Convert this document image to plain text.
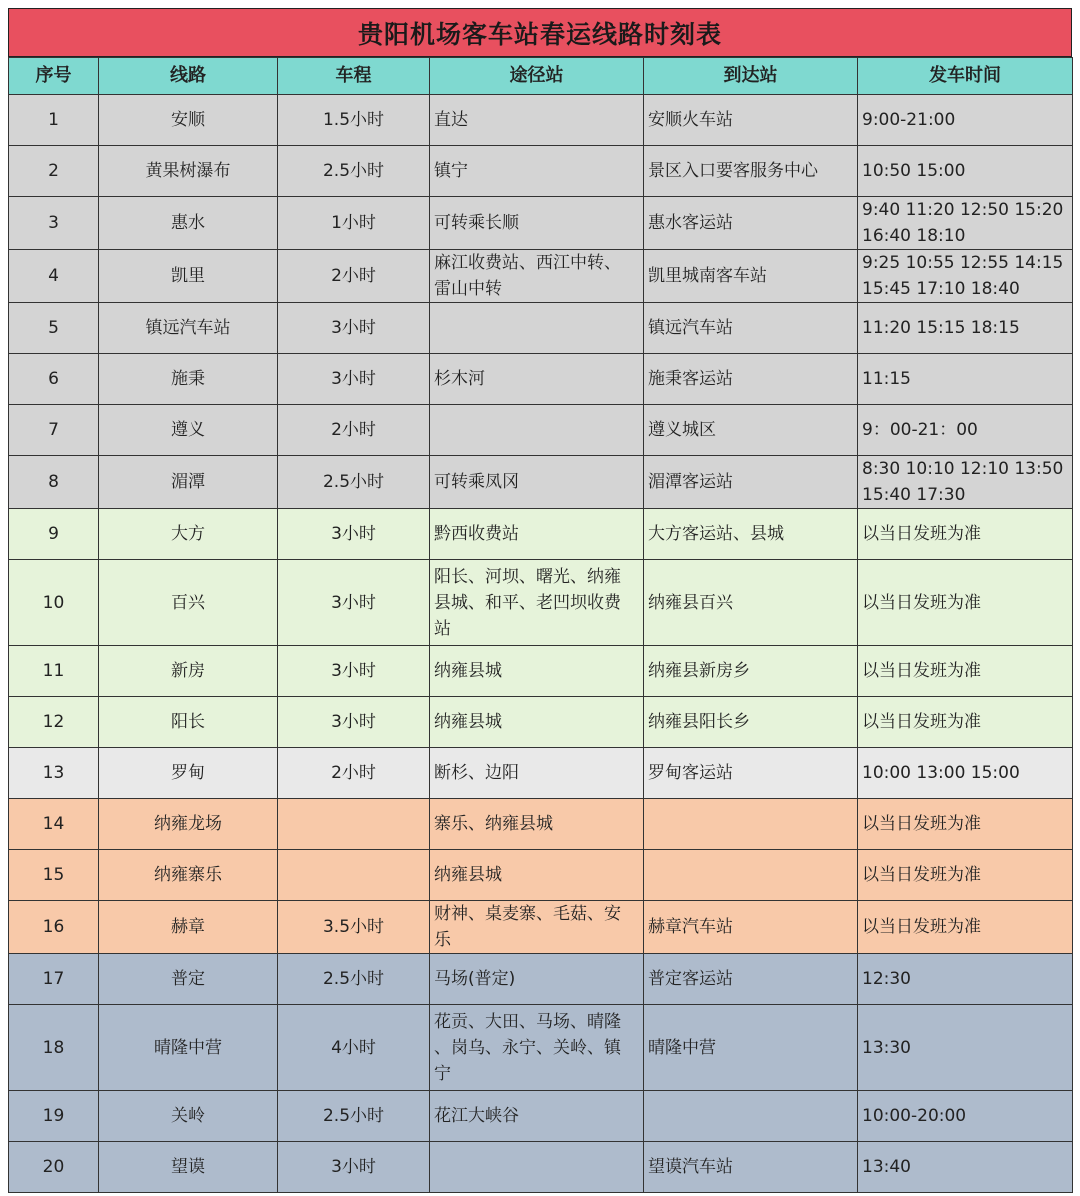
贵阳机场客车站春运线路时刻表
序号	线路	车程	途径站	到达站	发车时间
1	安顺	1.5小时	直达	安顺火车站	9:00-21:00
2	黄果树瀑布	2.5小时	镇宁	景区入口要客服务中心	10:50 15:00
3	惠水	1小时	可转乘长顺	惠水客运站	9:40 11:20 12:50 15:20
16:40 18:10
4	凯里	2小时	麻江收费站、西江中转、
雷山中转	凯里城南客车站	9:25 10:55 12:55 14:15
15:45 17:10 18:40
5	镇远汽车站	3小时		镇远汽车站	11:20 15:15 18:15
6	施秉	3小时	杉木河	施秉客运站	11:15
7	遵义	2小时		遵义城区	9：00-21：00
8	湄潭	2.5小时	可转乘凤冈	湄潭客运站	8:30 10:10 12:10 13:50
15:40 17:30
9	大方	3小时	黔西收费站	大方客运站、县城	以当日发班为准
10	百兴	3小时	阳长、河坝、曙光、纳雍
县城、和平、老凹坝收费
站	纳雍县百兴	以当日发班为准
11	新房	3小时	纳雍县城	纳雍县新房乡	以当日发班为准
12	阳长	3小时	纳雍县城	纳雍县阳长乡	以当日发班为准
13	罗甸	2小时	断杉、边阳	罗甸客运站	10:00 13:00 15:00
14	纳雍龙场		寨乐、纳雍县城		以当日发班为准
15	纳雍寨乐		纳雍县城		以当日发班为准
16	赫章	3.5小时	财神、桌麦寨、毛菇、安
乐	赫章汽车站	以当日发班为准
17	普定	2.5小时	马场(普定)	普定客运站	12:30
18	晴隆中营	4小时	花贡、大田、马场、晴隆
、岗乌、永宁、关岭、镇
宁	晴隆中营	13:30
19	关岭	2.5小时	花江大峡谷		10:00-20:00
20	望谟	3小时		望谟汽车站	13:40
